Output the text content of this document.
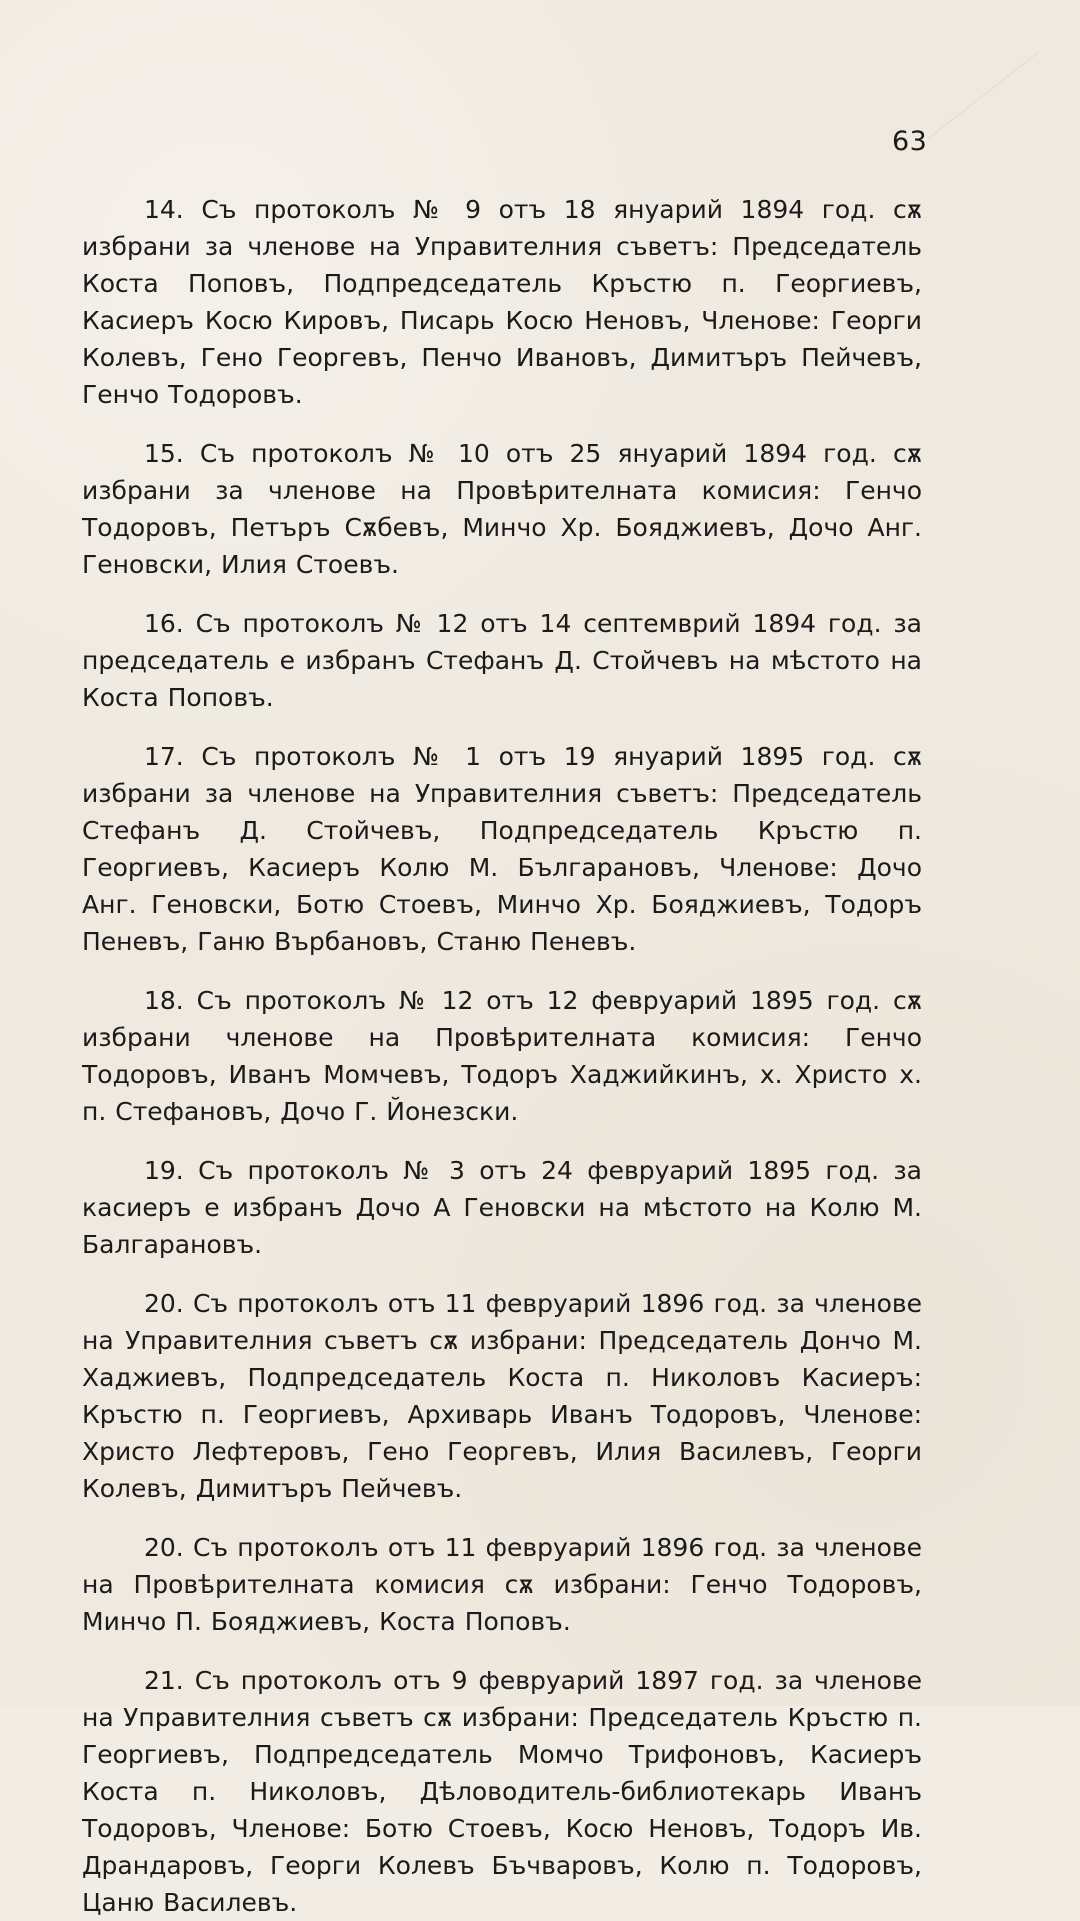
63

14. Съ протоколъ № 9 отъ 18 януарий 1894 год. сѫ избрани за членове на Управителния съветъ: Председатель Коста Поповъ, Подпредседатель Кръстю п. Георгиевъ, Касиеръ Косю Кировъ, Писарь Косю Неновъ, Членове: Георги Колевъ, Гено Георгевъ, Пенчо Ивановъ, Димитъръ Пейчевъ, Генчо Тодоровъ.

15. Съ протоколъ № 10 отъ 25 януарий 1894 год. сѫ избрани за членове на Провѣрителната комисия: Генчо Тодоровъ, Петъръ Сѫбевъ, Минчо Хр. Бояджиевъ, Дочо Анг. Геновски, Илия Стоевъ.

16. Съ протоколъ № 12 отъ 14 септемврий 1894 год. за председатель е избранъ Стефанъ Д. Стойчевъ на мѣстото на Коста Поповъ.

17. Съ протоколъ № 1 отъ 19 януарий 1895 год. сѫ избрани за членове на Управителния съветъ: Председатель Стефанъ Д. Стойчевъ, Подпредседатель Кръстю п. Георгиевъ, Касиеръ Колю М. Българановъ, Членове: Дочо Анг. Геновски, Ботю Стоевъ, Минчо Хр. Бояджиевъ, Тодоръ Пеневъ, Ганю Върбановъ, Станю Пеневъ.

18. Съ протоколъ № 12 отъ 12 февруарий 1895 год. сѫ избрани членове на Провѣрителната комисия: Генчо Тодоровъ, Иванъ Момчевъ, Тодоръ Хаджийкинъ, х. Христо х. п. Стефановъ, Дочо Г. Йонезски.

19. Съ протоколъ № 3 отъ 24 февруарий 1895 год. за касиеръ е избранъ Дочо А Геновски на мѣстото на Колю М. Балгарановъ.

20. Съ протоколъ отъ 11 февруарий 1896 год. за членове на Управителния съветъ сѫ избрани: Председатель Дончо М. Хаджиевъ, Подпредседатель Коста п. Николовъ Касиеръ: Кръстю п. Георгиевъ, Архиварь Иванъ Тодоровъ, Членове: Христо Лефтеровъ, Гено Георгевъ, Илия Василевъ, Георги Колевъ, Димитъръ Пейчевъ.

20. Съ протоколъ отъ 11 февруарий 1896 год. за членове на Провѣрителната комисия сѫ избрани: Генчо Тодоровъ, Минчо П. Бояджиевъ, Коста Поповъ.

21. Съ протоколъ отъ 9 февруарий 1897 год. за членове на Управителния съветъ сѫ избрани: Председатель Кръстю п. Георгиевъ, Подпредседатель Момчо Трифоновъ, Касиеръ Коста п. Николовъ, Дѣловодитель-библиотекарь Иванъ Тодоровъ, Членове: Ботю Стоевъ, Косю Неновъ, Тодоръ Ив. Драндаровъ, Георги Колевъ Бъчваровъ, Колю п. Тодоровъ, Цаню Василевъ.
